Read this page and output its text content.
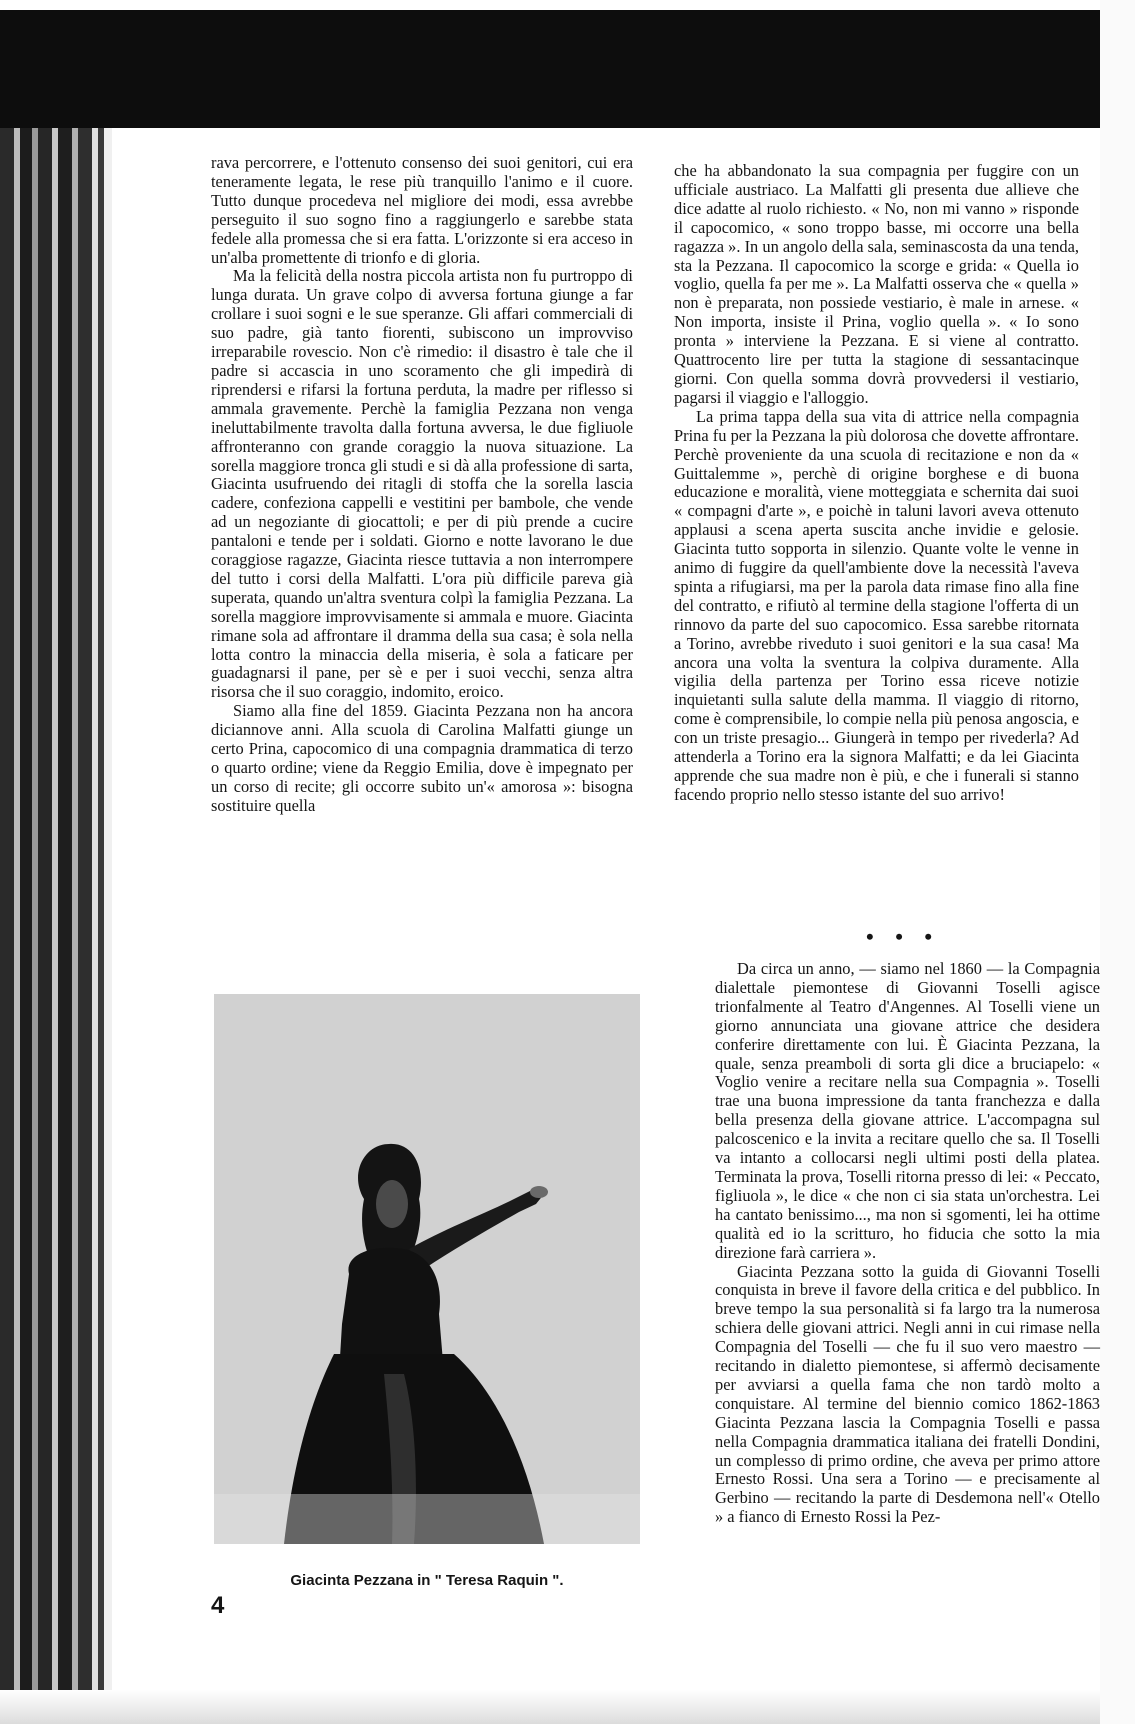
rava percorrere, e l'ottenuto consenso dei suoi genitori, cui era teneramente legata, le rese più tranquillo l'animo e il cuore. Tutto dunque procedeva nel migliore dei modi, essa avrebbe perseguito il suo sogno fino a raggiungerlo e sarebbe stata fedele alla promessa che si era fatta. L'orizzonte si era acceso in un'alba promettente di trionfo e di gloria.

Ma la felicità della nostra piccola artista non fu purtroppo di lunga durata. Un grave colpo di avversa fortuna giunge a far crollare i suoi sogni e le sue speranze. Gli affari commerciali di suo padre, già tanto fiorenti, subiscono un improvviso irreparabile rovescio. Non c'è rimedio: il disastro è tale che il padre si accascia in uno scoramento che gli impedirà di riprendersi e rifarsi la fortuna perduta, la madre per riflesso si ammala gravemente. Perchè la famiglia Pezzana non venga ineluttabilmente travolta dalla fortuna avversa, le due figliuole affronteranno con grande coraggio la nuova situazione. La sorella maggiore tronca gli studi e si dà alla professione di sarta, Giacinta usufruendo dei ritagli di stoffa che la sorella lascia cadere, confeziona cappelli e vestitini per bambole, che vende ad un negoziante di giocattoli; e per di più prende a cucire pantaloni e tende per i soldati. Giorno e notte lavorano le due coraggiose ragazze, Giacinta riesce tuttavia a non interrompere del tutto i corsi della Malfatti. L'ora più difficile pareva già superata, quando un'altra sventura colpì la famiglia Pezzana. La sorella maggiore improvvisamente si ammala e muore. Giacinta rimane sola ad affrontare il dramma della sua casa; è sola nella lotta contro la minaccia della miseria, è sola a faticare per guadagnarsi il pane, per sè e per i suoi vecchi, senza altra risorsa che il suo coraggio, indomito, eroico.

Siamo alla fine del 1859. Giacinta Pezzana non ha ancora diciannove anni. Alla scuola di Carolina Malfatti giunge un certo Prina, capocomico di una compagnia drammatica di terzo o quarto ordine; viene da Reggio Emilia, dove è impegnato per un corso di recite; gli occorre subito un'« amorosa »: bisogna sostituire quella

che ha abbandonato la sua compagnia per fuggire con un ufficiale austriaco. La Malfatti gli presenta due allieve che dice adatte al ruolo richiesto. « No, non mi vanno » risponde il capocomico, « sono troppo basse, mi occorre una bella ragazza ». In un angolo della sala, seminascosta da una tenda, sta la Pezzana. Il capocomico la scorge e grida: « Quella io voglio, quella fa per me ». La Malfatti osserva che « quella » non è preparata, non possiede vestiario, è male in arnese. « Non importa, insiste il Prina, voglio quella ». « Io sono pronta » interviene la Pezzana. E si viene al contratto. Quattrocento lire per tutta la stagione di sessantacinque giorni. Con quella somma dovrà provvedersi il vestiario, pagarsi il viaggio e l'alloggio.

La prima tappa della sua vita di attrice nella compagnia Prina fu per la Pezzana la più dolorosa che dovette affrontare. Perchè proveniente da una scuola di recitazione e non da « Guittalemme », perchè di origine borghese e di buona educazione e moralità, viene motteggiata e schernita dai suoi « compagni d'arte », e poichè in taluni lavori aveva ottenuto applausi a scena aperta suscita anche invidie e gelosie. Giacinta tutto sopporta in silenzio. Quante volte le venne in animo di fuggire da quell'ambiente dove la necessità l'aveva spinta a rifugiarsi, ma per la parola data rimase fino alla fine del contratto, e rifiutò al termine della stagione l'offerta di un rinnovo da parte del suo capocomico. Essa sarebbe ritornata a Torino, avrebbe riveduto i suoi genitori e la sua casa! Ma ancora una volta la sventura la colpiva duramente. Alla vigilia della partenza per Torino essa riceve notizie inquietanti sulla salute della mamma. Il viaggio di ritorno, come è comprensibile, lo compie nella più penosa angoscia, e con un triste presagio... Giungerà in tempo per rivederla? Ad attenderla a Torino era la signora Malfatti; e da lei Giacinta apprende che sua madre non è più, e che i funerali si stanno facendo proprio nello stesso istante del suo arrivo!

• • •

Da circa un anno, — siamo nel 1860 — la Compagnia dialettale piemontese di Giovanni Toselli agisce trionfalmente al Teatro d'Angennes. Al Toselli viene un giorno annunciata una giovane attrice che desidera conferire direttamente con lui. È Giacinta Pezzana, la quale, senza preamboli di sorta gli dice a bruciapelo: « Voglio venire a recitare nella sua Compagnia ». Toselli trae una buona impressione da tanta franchezza e dalla bella presenza della giovane attrice. L'accompagna sul palcoscenico e la invita a recitare quello che sa. Il Toselli va intanto a collocarsi negli ultimi posti della platea. Terminata la prova, Toselli ritorna presso di lei: « Peccato, figliuola », le dice « che non ci sia stata un'orchestra. Lei ha cantato benissimo..., ma non si sgomenti, lei ha ottime qualità ed io la scritturo, ho fiducia che sotto la mia direzione farà carriera ».

Giacinta Pezzana sotto la guida di Giovanni Toselli conquista in breve il favore della critica e del pubblico. In breve tempo la sua personalità si fa largo tra la numerosa schiera delle giovani attrici. Negli anni in cui rimase nella Compagnia del Toselli — che fu il suo vero maestro — recitando in dialetto piemontese, si affermò decisamente per avviarsi a quella fama che non tardò molto a conquistare. Al termine del biennio comico 1862-1863 Giacinta Pezzana lascia la Compagnia Toselli e passa nella Compagnia drammatica italiana dei fratelli Dondini, un complesso di primo ordine, che aveva per primo attore Ernesto Rossi. Una sera a Torino — e precisamente al Gerbino — recitando la parte di Desdemona nell'« Otello » a fianco di Ernesto Rossi la Pez-

Giacinta Pezzana in " Teresa Raquin ".
4
